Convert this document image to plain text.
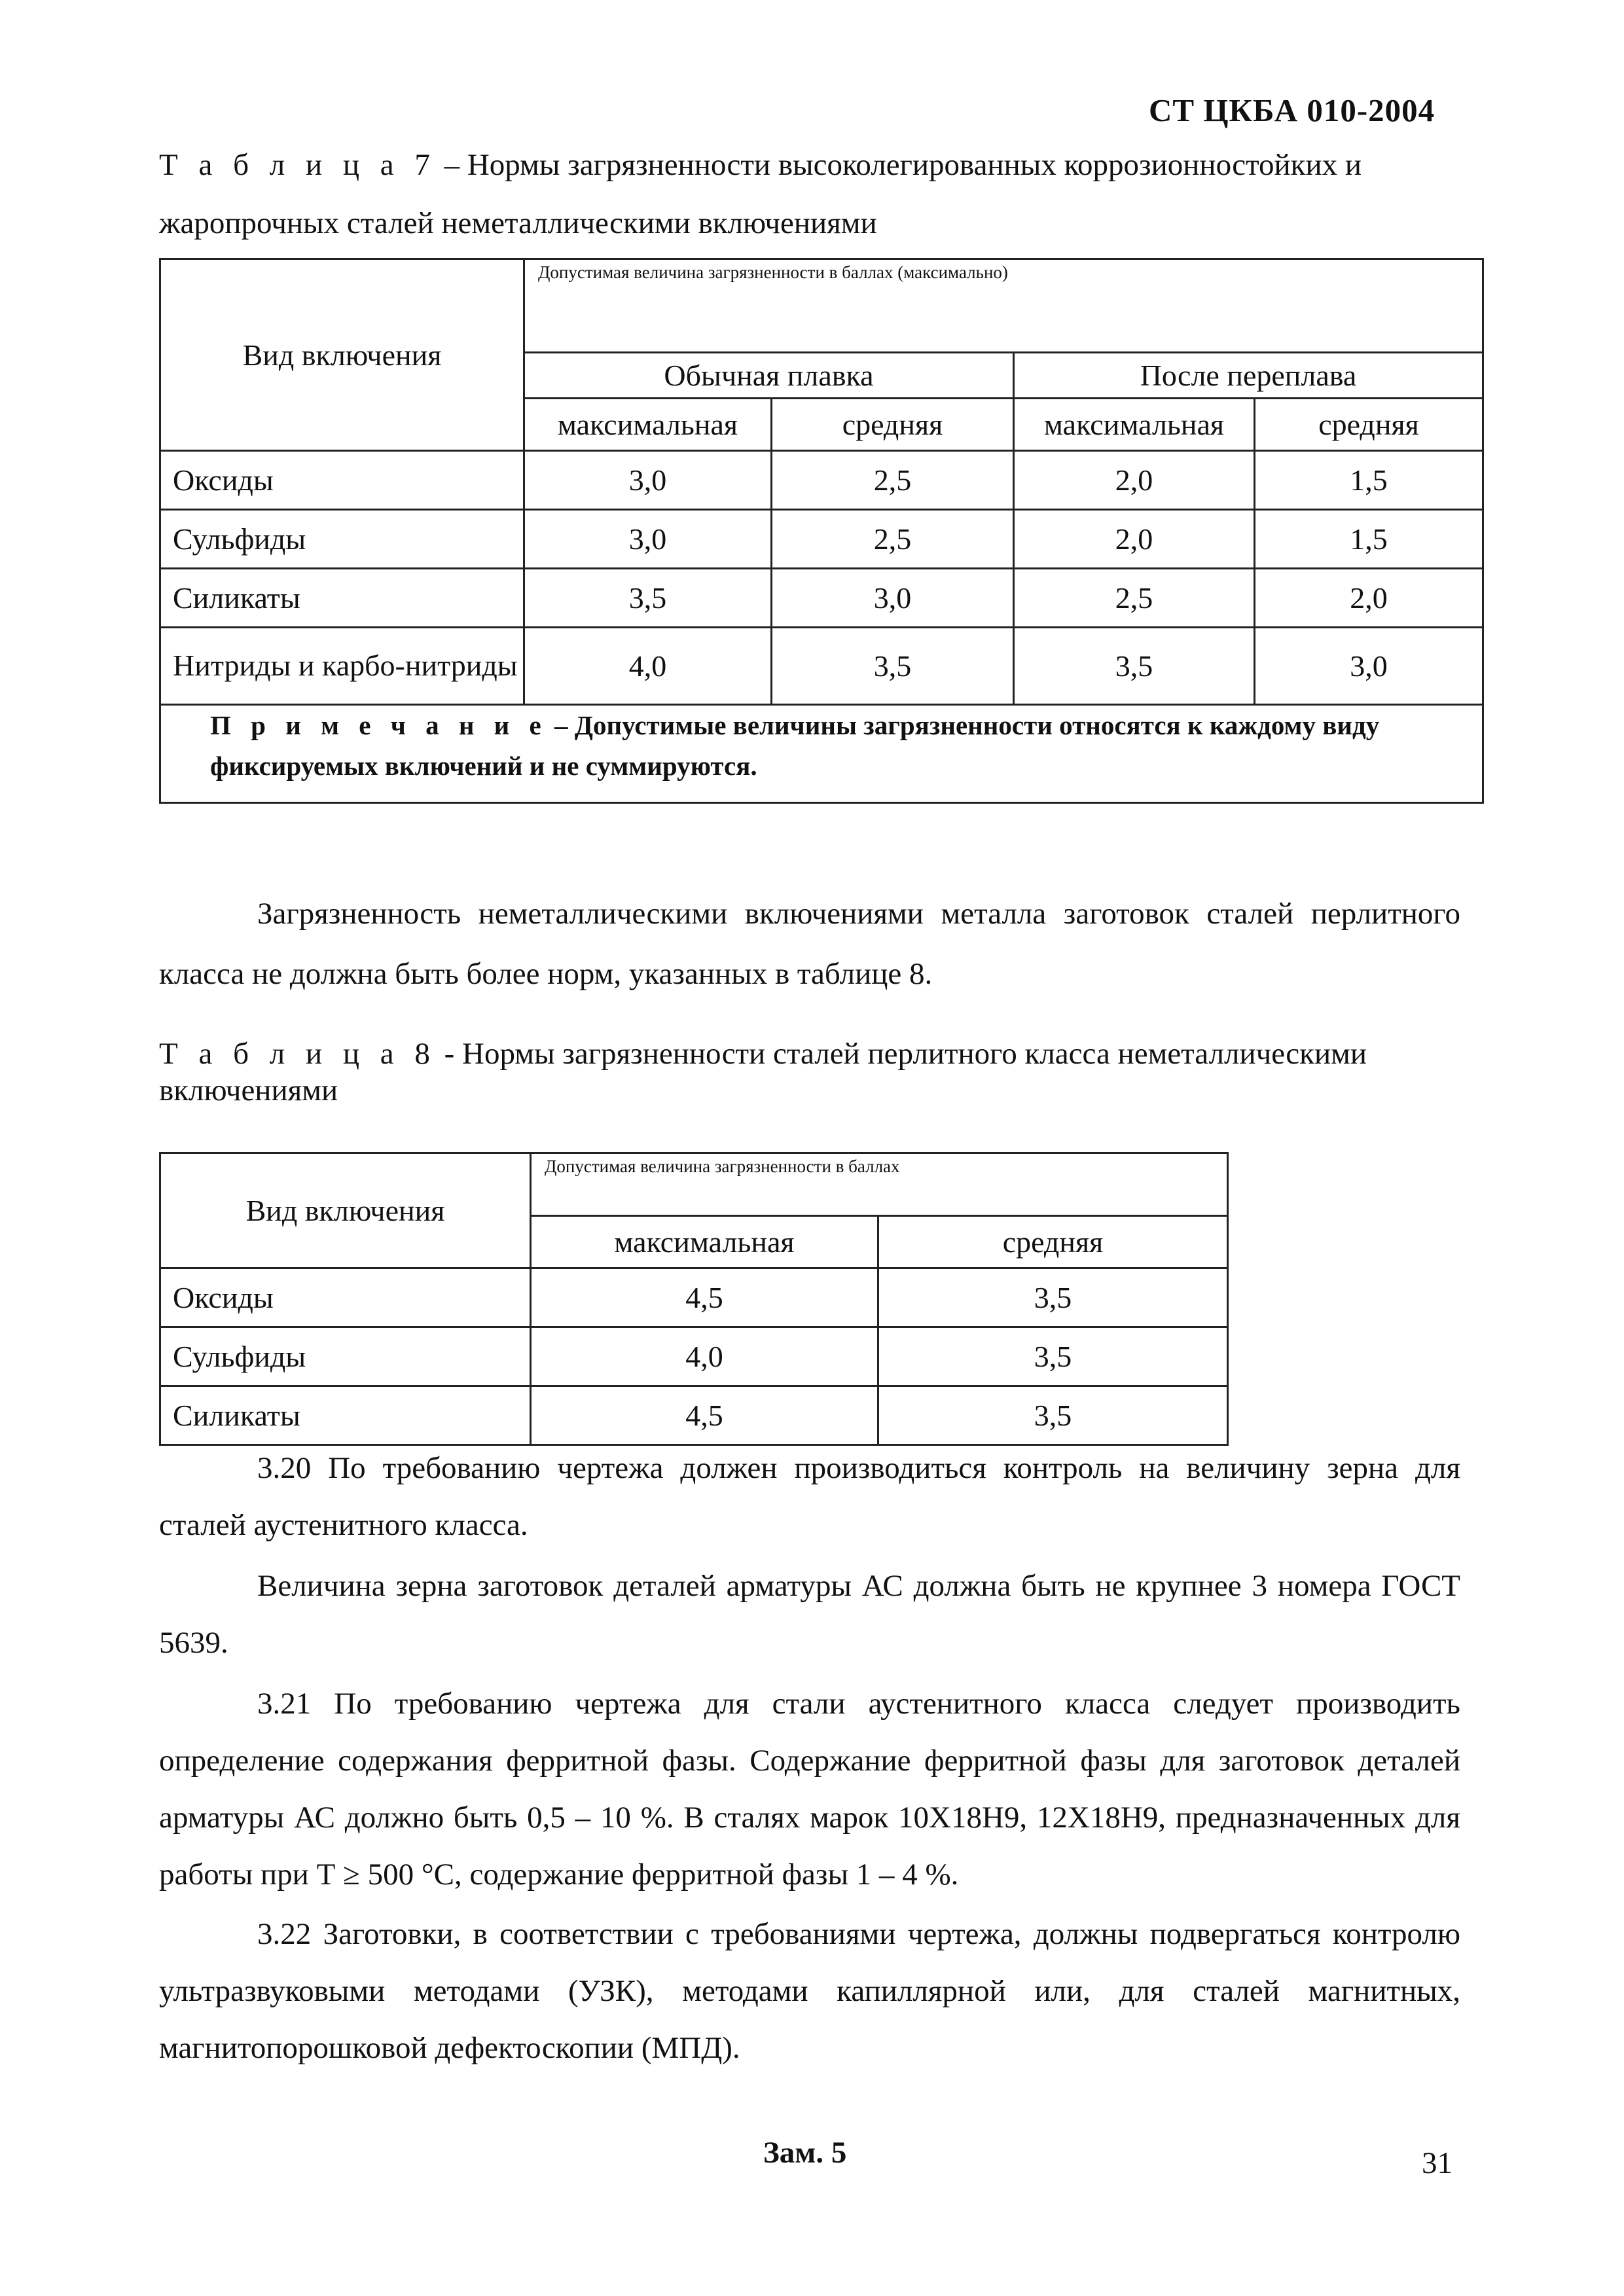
СТ ЦКБА 010-2004
Т а б л и ц а 7 – Нормы загрязненности высоколегированных коррозионностойких и жаропрочных сталей неметаллическими включениями
Вид включения	Допустимая величина загрязненности в баллах (максимально)			
	Обычная плавка		После переплава	
	максимальная	средняя	максимальная	средняя
Оксиды	3,0	2,5	2,0	1,5
Сульфиды	3,0	2,5	2,0	1,5
Силикаты	3,5	3,0	2,5	2,0
Нитриды и карбо-нитриды	4,0	3,5	3,5	3,0
П р и м е ч а н и е – Допустимые величины загрязненности относятся к каждому виду фиксируемых включений и не суммируются.				
Загрязненность неметаллическими включениями металла заготовок сталей перлитного класса не должна быть более норм, указанных в таблице 8.
Т а б л и ц а 8 - Нормы загрязненности сталей перлитного класса неметаллическими включениями
Вид включения	Допустимая величина загрязненности в баллах	
	максимальная	средняя
Оксиды	4,5	3,5
Сульфиды	4,0	3,5
Силикаты	4,5	3,5
3.20 По требованию чертежа должен производиться контроль на величину зерна для сталей аустенитного класса.
Величина зерна заготовок деталей арматуры АС должна быть не крупнее 3 номера ГОСТ 5639.
3.21 По требованию чертежа для стали аустенитного класса следует производить определение содержания ферритной фазы. Содержание ферритной фазы для заготовок деталей арматуры АС должно быть 0,5 – 10 %. В сталях марок 10Х18Н9, 12Х18Н9, предназначенных для работы при Т ≥ 500 °С, содержание ферритной фазы 1 – 4 %.
3.22 Заготовки, в соответствии с требованиями чертежа, должны подвергаться контролю ультразвуковыми методами (УЗК), методами капиллярной или, для сталей магнитных, магнитопорошковой дефектоскопии (МПД).
Зам. 5	31
